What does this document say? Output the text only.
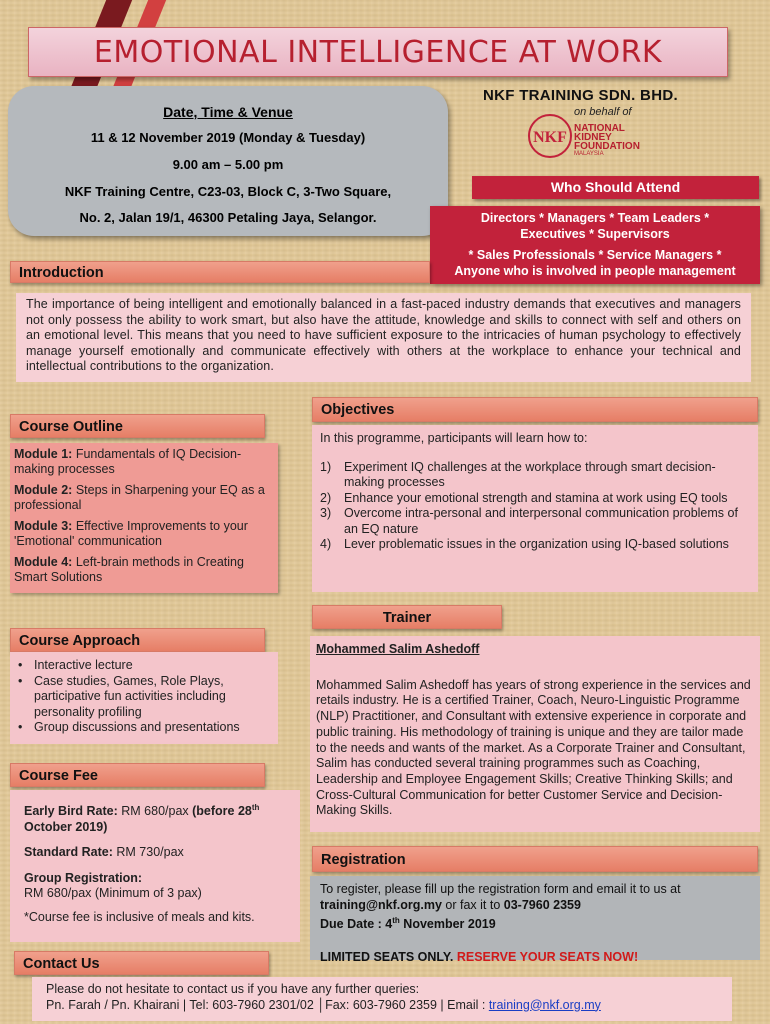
EMOTIONAL INTELLIGENCE AT WORK
Date, Time & Venue
11 & 12 November 2019 (Monday & Tuesday)
9.00 am – 5.00 pm
NKF Training Centre, C23-03, Block C, 3-Two Square,
No. 2, Jalan 19/1, 46300 Petaling Jaya, Selangor.
NKF TRAINING SDN. BHD.
on behalf of
NKF
NATIONAL
KIDNEY
FOUNDATION
MALAYSIA
Who Should Attend
Directors * Managers * Team Leaders *
Executives * Supervisors
* Sales Professionals * Service Managers *
Anyone who is involved in people management
Introduction
The importance of being intelligent and emotionally balanced in a fast-paced industry demands that executives and managers not only possess the ability to work smart, but also have the attitude, knowledge and skills to connect with self and others on an emotional level. This means that you need to have sufficient exposure to the intricacies of human psychology to effectively manage yourself emotionally and communicate effectively with others at the workplace to enhance your technical and intellectual contributions to the organization.
Objectives
In this programme, participants will learn how to:
1) Experiment IQ challenges at the workplace through smart decision-making processes
2) Enhance your emotional strength and stamina at work using EQ tools
3) Overcome intra-personal and interpersonal communication problems of an EQ nature
4) Lever problematic issues in the organization using IQ-based solutions
Course Outline

Module 1: Fundamentals of IQ Decision-making processes

Module 2: Steps in Sharpening your EQ as a professional

Module 3: Effective Improvements to your 'Emotional' communication

Module 4: Left-brain methods in Creating Smart Solutions

Trainer
Mohammed Salim Ashedoff
Mohammed Salim Ashedoff has years of strong experience in the services and retails industry. He is a certified Trainer, Coach, Neuro-Linguistic Programme (NLP) Practitioner, and Consultant with extensive experience in corporate and public training. His methodology of training is unique and they are tailor made to the needs and wants of the market. As a Corporate Trainer and Consultant, Salim has conducted several training programmes such as Coaching, Leadership and Employee Engagement Skills; Creative Thinking Skills; and Cross-Cultural Communication for better Customer Service and Decision-Making Skills.
Course Approach
• Interactive lecture
• Case studies, Games, Role Plays, participative fun activities including personality profiling
• Group discussions and presentations
Course Fee

Early Bird Rate: RM 680/pax (before 28th October 2019)

Standard Rate: RM 730/pax

Group Registration:
RM 680/pax (Minimum of 3 pax)

*Course fee is inclusive of meals and kits.

Registration
To register, please fill up the registration form and email it to us at
training@nkf.org.my or fax it to 03-7960 2359
Due Date : 4th November 2019
LIMITED SEATS ONLY. RESERVE YOUR SEATS NOW!
Contact Us
Please do not hesitate to contact us if you have any further queries:
Pn. Farah / Pn. Khairani | Tel: 603-7960 2301/02 │Fax: 603-7960 2359 | Email : training@nkf.org.my
